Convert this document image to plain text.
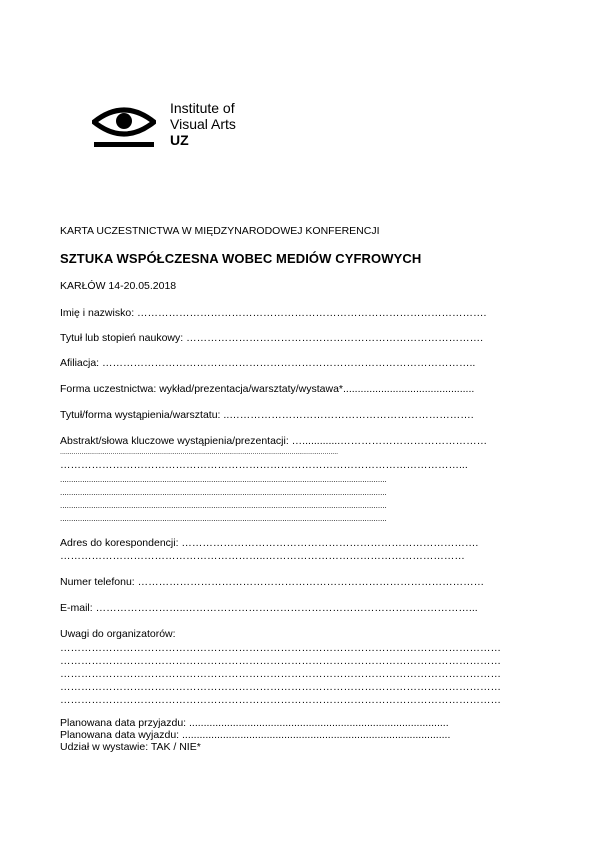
Institute of
Visual Arts
UZ
KARTA UCZESTNICTWA W MIĘDZYNARODOWEJ KONFERENCJI
SZTUKA WSPÓŁCZESNA WOBEC MEDIÓW CYFROWYCH
KARŁÓW 14-20.05.2018
Imię i nazwisko: ……………………………………………………………………………………….
Tytuł lub stopień naukowy: ………………………………………………………………………….
Afiliacja: ……………………………………………………………………………………………..
Forma uczestnictwa: wykład/prezentacja/warsztaty/wystawa*.............................................
Tytuł/forma wystąpienia/warsztatu: ..…………………………………………………………….
Abstrakt/słowa kluczowe wystąpienia/prezentacji: ….............……………………………………
...............................................................................................................................................
……………………………………………………………………………………………………...
...................................................................................................................................................
...................................................................................................................................................
...................................................................................................................................................
...................................................................................................................................................
Adres do korespondencji: ………………………………………………………………………….
…………………………………………………..…………………………………………………
Numer telefonu: ………………………………………………………………………………………
E-mail: ……………………..………………………………………………………………………...
Uwagi do organizatorów:
………………………………………………………………………………………………………………
………………………………………………………………………………………………………………
………………………………………………………………………………………………………………
………………………………………………………………………………………………………………
………………………………………………………………………………………………………………
Planowana data przyjazdu: .........................................................................................
Planowana data wyjazdu: ............................................................................................
Udział w wystawie: TAK / NIE*
